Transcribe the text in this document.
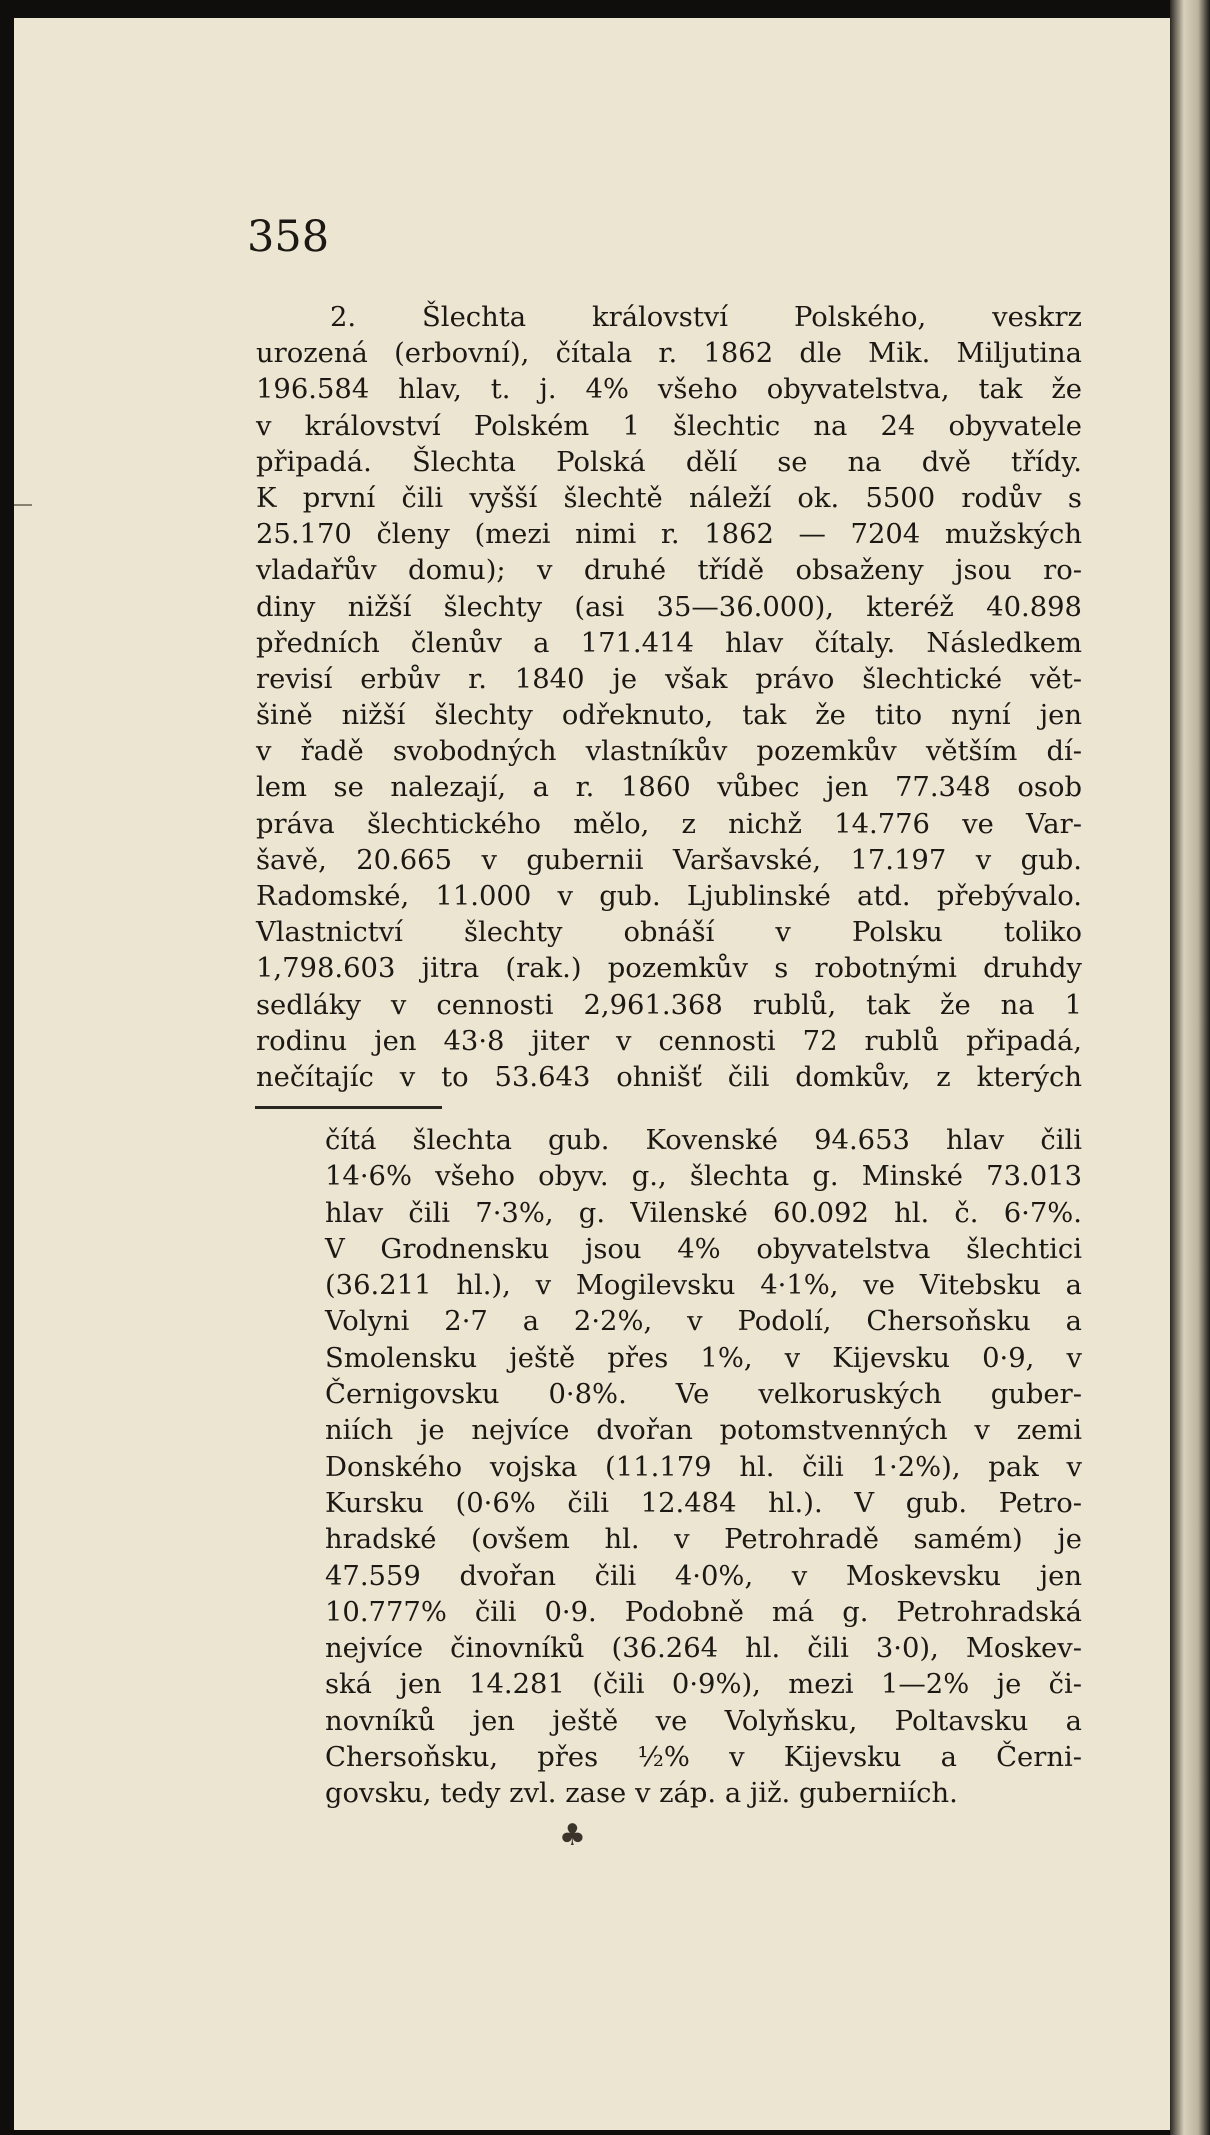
358
2. Šlechta království Polského, veskrz
urozená (erbovní), čítala r. 1862 dle Mik. Miljutina
196.584 hlav, t. j. 4% všeho obyvatelstva, tak že
v království Polském 1 šlechtic na 24 obyvatele
připadá. Šlechta Polská dělí se na dvě třídy.
K první čili vyšší šlechtě náleží ok. 5500 rodův s
25.170 členy (mezi nimi r. 1862 — 7204 mužských
vladařův domu); v druhé třídě obsaženy jsou ro-
diny nižší šlechty (asi 35—36.000), kteréž 40.898
předních členův a 171.414 hlav čítaly. Následkem
revisí erbův r. 1840 je však právo šlechtické vět-
šině nižší šlechty odřeknuto, tak že tito nyní jen
v řadě svobodných vlastníkův pozemkův větším dí-
lem se nalezají, a r. 1860 vůbec jen 77.348 osob
práva šlechtického mělo, z nichž 14.776 ve Var-
šavě, 20.665 v gubernii Varšavské, 17.197 v gub.
Radomské, 11.000 v gub. Ljublinské atd. přebývalo.
Vlastnictví šlechty obnáší v Polsku toliko
1,798.603 jitra (rak.) pozemkův s robotnými druhdy
sedláky v cennosti 2,961.368 rublů, tak že na 1
rodinu jen 43·8 jiter v cennosti 72 rublů připadá,
nečítajíc v to 53.643 ohnišť čili domkův, z kterých
čítá šlechta gub. Kovenské 94.653 hlav čili
14·6% všeho obyv. g., šlechta g. Minské 73.013
hlav čili 7·3%, g. Vilenské 60.092 hl. č. 6·7%.
V Grodnensku jsou 4% obyvatelstva šlechtici
(36.211 hl.), v Mogilevsku 4·1%, ve Vitebsku a
Volyni 2·7 a 2·2%, v Podolí, Chersoňsku a
Smolensku ještě přes 1%, v Kijevsku 0·9, v
Černigovsku 0·8%. Ve velkoruských guber-
niích je nejvíce dvořan potomstvenných v zemi
Donského vojska (11.179 hl. čili 1·2%), pak v
Kursku (0·6% čili 12.484 hl.). V gub. Petro-
hradské (ovšem hl. v Petrohradě samém) je
47.559 dvořan čili 4·0%, v Moskevsku jen
10.777% čili 0·9. Podobně má g. Petrohradská
nejvíce činovníků (36.264 hl. čili 3·0), Moskev-
ská jen 14.281 (čili 0·9%), mezi 1—2% je či-
novníků jen ještě ve Volyňsku, Poltavsku a
Chersoňsku, přes ½% v Kijevsku a Černi-
govsku, tedy zvl. zase v záp. a již. guberniích.
♣
